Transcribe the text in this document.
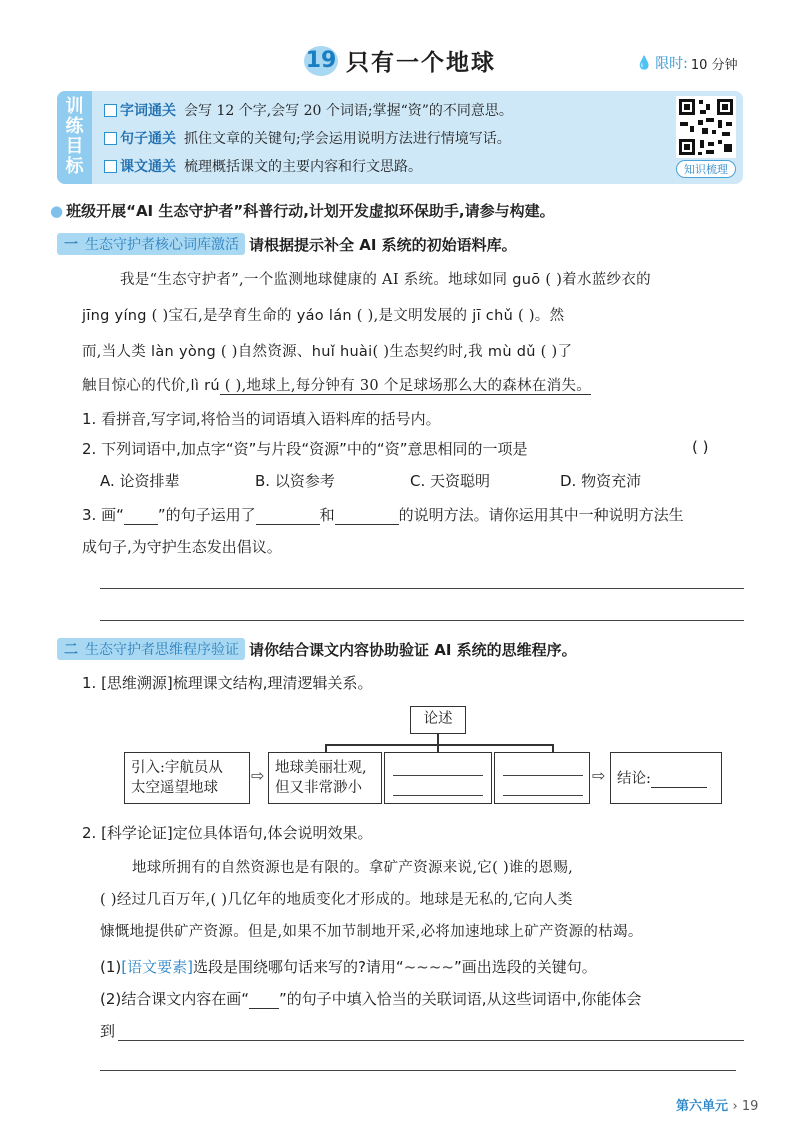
19 只有一个地球	💧 限时: 10 分钟
训
练
目
标
字词通关 会写 12 个字,会写 20 个词语;掌握“资”的不同意思。
句子通关 抓住文章的关键句;学会运用说明方法进行情境写话。
课文通关 梳理概括课文的主要内容和行文思路。	知识梳理
● 班级开展“AI 生态守护者”科普行动,计划开发虚拟环保助手,请参与构建。
一 生态守护者核心词库激活 请根据提示补全 AI 系统的初始语料库。
我是“生态守护者”,一个监测地球健康的 AI 系统。地球如同 guō ( )着水蓝纱衣的
jīng yíng ( )宝石,是孕育生命的 yáo lán ( ),是文明发展的 jī chǔ ( )。然
而,当人类 làn yòng ( )自然资源、huǐ huài( )生态契约时,我 mù dǔ ( )了
触目惊心的代价,lì rú ( ),地球上,每分钟有 30 个足球场那么大的森林在消失。
1. 看拼音,写字词,将恰当的词语填入语料库的括号内。
2. 下列词语中,加点字“资”与片段“资源”中的“资”意思相同的一项是	( )
A. 论资排辈	B. 以资参考	C. 天资聪明	D. 物资充沛
3. 画“ ”的句子运用了	和	的说明方法。请你运用其中一种说明方法生
成句子,为守护生态发出倡议。
二 生态守护者思维程序验证 请你结合课文内容协助验证 AI 系统的思维程序。
1. [思维溯源]梳理课文结构,理清逻辑关系。
论述
引入:宇航员从
太空遥望地球
⇨ 地球美丽壮观,
但又非常渺小
⇨ 结论:
2. [科学论证]定位具体语句,体会说明效果。
地球所拥有的自然资源也是有限的。拿矿产资源来说,它( )谁的恩赐,
( )经过几百万年,( )几亿年的地质变化才形成的。地球是无私的,它向人类
慷慨地提供矿产资源。但是,如果不加节制地开采,必将加速地球上矿产资源的枯竭。
(1)[语文要素]选段是围绕哪句话来写的?请用“~~~~”画出选段的关键句。
(2)结合课文内容在画“ ”的句子中填入恰当的关联词语,从这些词语中,你能体会
到
第六单元 › 19
